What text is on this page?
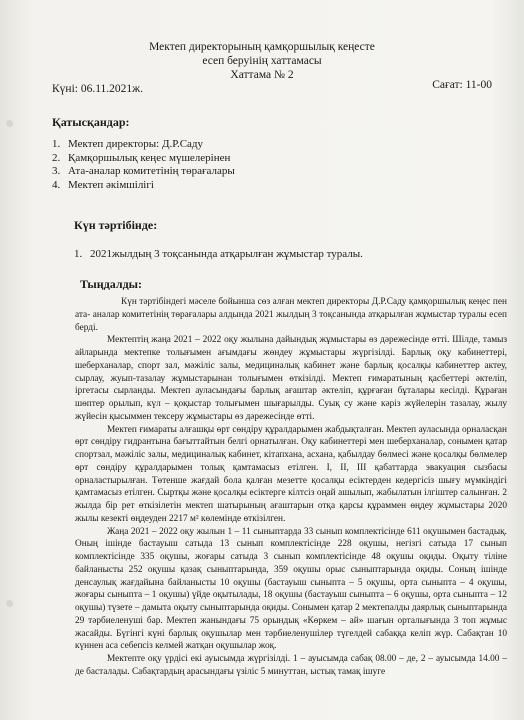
Мектеп директорының қамқоршылық кеңесте
есеп беруінің хаттамасы
Хаттама № 2
Күні: 06.11.2021ж.	Сағат: 11-00
Қатысқандар:
1. Мектеп директоры: Д.Р.Саду
2. Қамқоршылық кеңес мүшелерінен
3. Ата-аналар комитетінің төрағалары
4. Мектеп әкімшілігі
Күн тәртібінде:
1. 2021жылдың 3 тоқсанында атқарылған жұмыстар туралы.
Тыңдалды:

Күн тәртібіндегі мәселе бойынша сөз алған мектеп директоры Д.Р.Саду қамқоршылық кеңес пен ата- аналар комитетінің төрағалары алдында 2021 жылдың 3 тоқсанында атқарылған жұмыстар туралы есеп берді.

Мектептің жаңа 2021 – 2022 оқу жылына дайындық жұмыстары өз дәрежесінде өтті. Шілде, тамыз айларында мектепке толығымен ағымдағы жөндеу жұмыстары жүргізілді. Барлық оқу кабинеттері, шеберханалар, спорт зал, мәжіліс залы, медициналық кабинет және барлық қосалқы кабинеттер актеу, сырлау, жуып-тазалау жұмыстарынан толығымен өткізілді. Мектеп ғимаратының қасбеттері әктеліп, іргетасы сырланды. Мектеп ауласындағы барлық ағаштар әктеліп, құрғаған бұталары кесілді. Құраған шөптер орылып, күл – қоқыстар толығымен шығарылды. Суық су және кәріз жүйелерін тазалау, жылу жүйесін қысыммен тексеру жұмыстары өз дәрежесінде өтті.

Мектеп ғимараты алғашқы өрт сөндіру құралдарымен жабдықталған. Мектеп ауласында орналасқан өрт сөндіру гидрантына бағыттайтын белгі орнатылған. Оқу кабинеттері мен шеберханалар, сонымен қатар спортзал, мәжіліс залы, медициналық кабинет, кітапхана, асхана, қабылдау бөлмесі және қосалқы бөлмелер өрт сөндіру құралдарымен толық қамтамасыз етілген. I, II, III қабаттарда эвакуация сызбасы орналастырылған. Төтенше жағдай бола қалған мезетте қосалқы есіктерден кедергісіз шығу мүмкіндігі қамтамасыз етілген. Сыртқы және қосалқы есіктерге кілтсіз оңай ашылып, жабылатын ілгіштер салынған. 2 жылда бір рет өткізілетін мектеп шатырының ағаштарын отқа қарсы құраммен өңдеу жұмыстары 2020 жылы кезекті өңдеуден 2217 м² көлемінде өткізілген.

Жаңа 2021 – 2022 оқу жылын 1 – 11 сыныптарда 33 сынып комплектісінде 611 оқушымен бастадық. Оның ішінде бастауыш сатыда 13 сынып комплектісінде 228 оқушы, негізгі сатыда 17 сынып комплектісінде 335 оқушы, жоғары сатыда 3 сынып комплектісінде 48 оқушы оқиды. Оқыту тіліне байланысты 252 оқушы қазақ сыныптарында, 359 оқушы орыс сыныптарында оқиды. Соның ішінде денсаулық жағдайына байланысты 10 оқушы (бастауыш сыныпта – 5 оқушы, орта сыныпта – 4 оқушы, жоғары сыныпта – 1 оқушы) үйде оқытылады, 18 оқушы (бастауыш сыныпта – 6 оқушы, орта сыныпта – 12 оқушы) түзете – дамыта оқыту сыныптарында оқиды. Сонымен қатар 2 мектепалды даярлық сыныптарында 29 тәрбиеленуші бар. Мектеп жанындағы 75 орындық «Көркем – ай» шағын орталығында 3 топ жұмыс жасайды. Бүгінгі күні барлық оқушылар мен тәрбиеленушілер түгелдей сабаққа келіп жүр. Сабақтан 10 күннен аса себепсіз келмей жатқан оқушылар жоқ.

Мектепте оқу үрдісі екі ауысымда жүргізілді. 1 – ауысымда сабақ 08.00 – де, 2 – ауысымда 14.00 – де басталады. Сабақтардың арасындағы үзіліс 5 минуттан, ыстық тамақ ішуге
